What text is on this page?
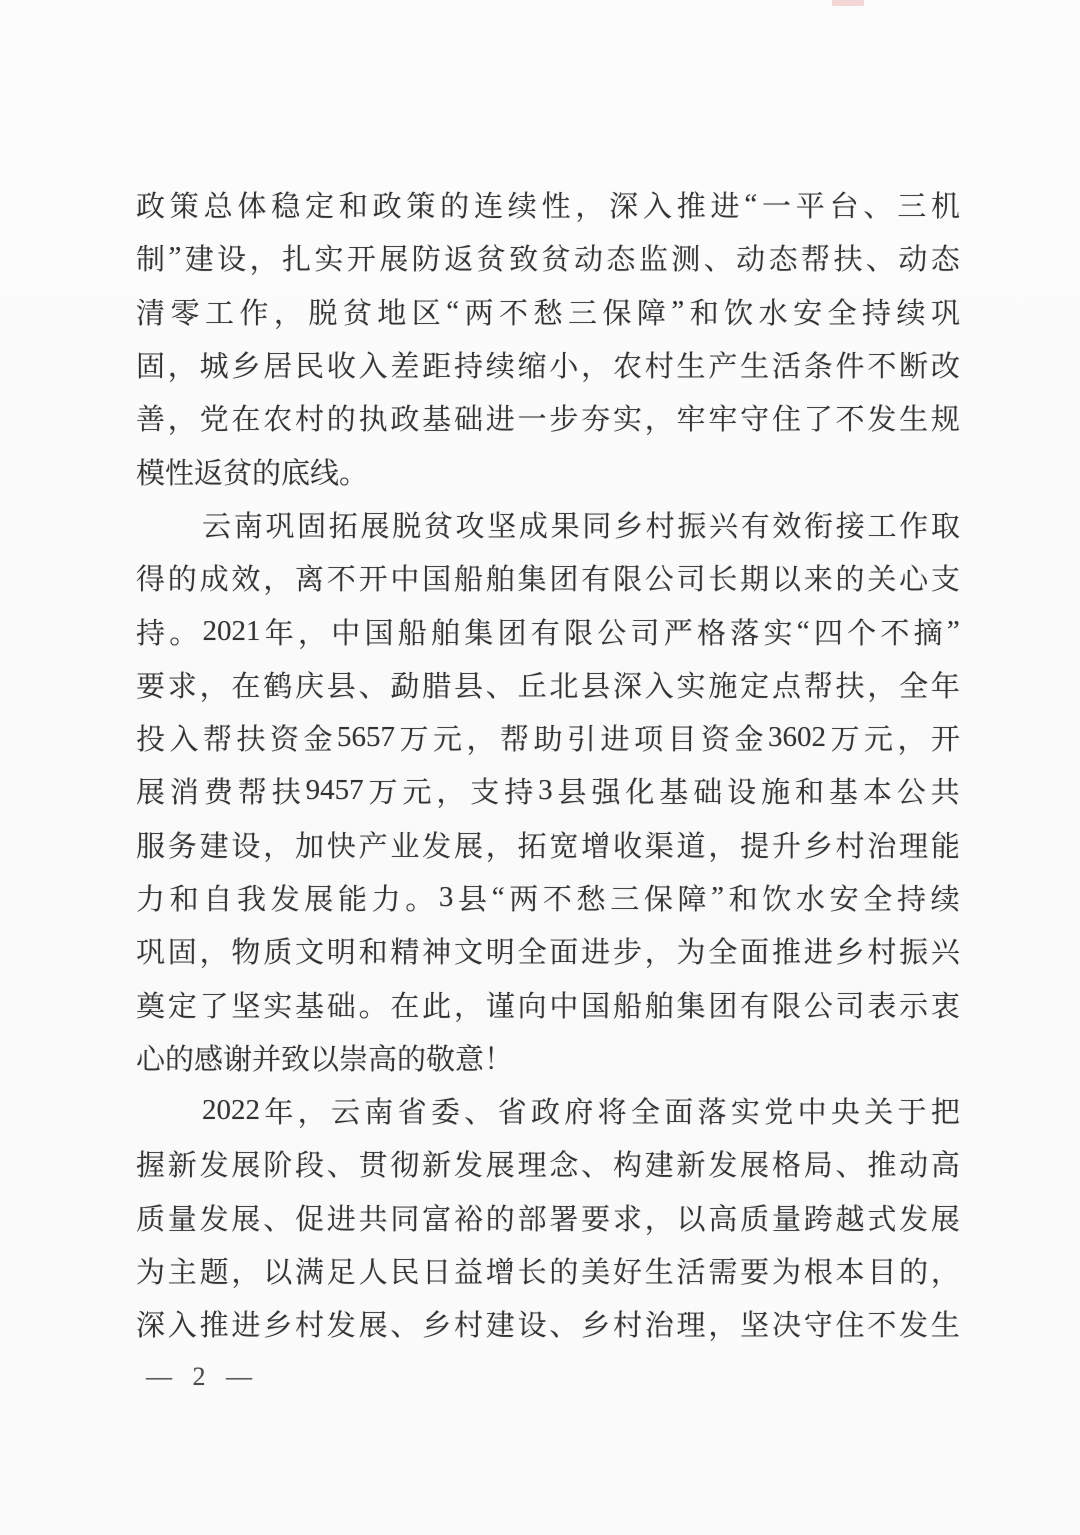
政 策 总 体 稳 定 和 政 策 的 连 续 性 ， 深 入 推 进 “ 一 平 台 、 三 机
制 ” 建 设 ， 扎 实 开 展 防 返 贫 致 贫 动 态 监 测 、 动 态 帮 扶 、 动 态
清 零 工 作 ， 脱 贫 地 区 “ 两 不 愁 三 保 障 ” 和 饮 水 安 全 持 续 巩
固 ， 城 乡 居 民 收 入 差 距 持 续 缩 小 ， 农 村 生 产 生 活 条 件 不 断 改
善 ， 党 在 农 村 的 执 政 基 础 进 一 步 夯 实 ， 牢 牢 守 住 了 不 发 生 规
模性返贫的底线。
云 南 巩 固 拓 展 脱 贫 攻 坚 成 果 同 乡 村 振 兴 有 效 衔 接 工 作 取
得 的 成 效 ， 离 不 开 中 国 船 舶 集 团 有 限 公 司 长 期 以 来 的 关 心 支
持 。 2021 年 ， 中 国 船 舶 集 团 有 限 公 司 严 格 落 实 “ 四 个 不 摘 ”
要 求 ， 在 鹤 庆 县 、 勐 腊 县 、 丘 北 县 深 入 实 施 定 点 帮 扶 ， 全 年
投 入 帮 扶 资 金 5657 万 元 ， 帮 助 引 进 项 目 资 金 3602 万 元 ， 开
展 消 费 帮 扶 9457 万 元 ， 支 持 3 县 强 化 基 础 设 施 和 基 本 公 共
服 务 建 设 ， 加 快 产 业 发 展 ， 拓 宽 增 收 渠 道 ， 提 升 乡 村 治 理 能
力 和 自 我 发 展 能 力 。 3 县 “ 两 不 愁 三 保 障 ” 和 饮 水 安 全 持 续
巩 固 ， 物 质 文 明 和 精 神 文 明 全 面 进 步 ， 为 全 面 推 进 乡 村 振 兴
奠 定 了 坚 实 基 础 。 在 此 ， 谨 向 中 国 船 舶 集 团 有 限 公 司 表 示 衷
心的感谢并致以崇高的敬意！
2022 年 ， 云 南 省 委 、 省 政 府 将 全 面 落 实 党 中 央 关 于 把
握 新 发 展 阶 段 、 贯 彻 新 发 展 理 念 、 构 建 新 发 展 格 局 、 推 动 高
质 量 发 展 、 促 进 共 同 富 裕 的 部 署 要 求 ， 以 高 质 量 跨 越 式 发 展
为 主 题 ， 以 满 足 人 民 日 益 增 长 的 美 好 生 活 需 要 为 根 本 目 的 ，
深 入 推 进 乡 村 发 展 、 乡 村 建 设 、 乡 村 治 理 ， 坚 决 守 住 不 发 生
— 2 —
